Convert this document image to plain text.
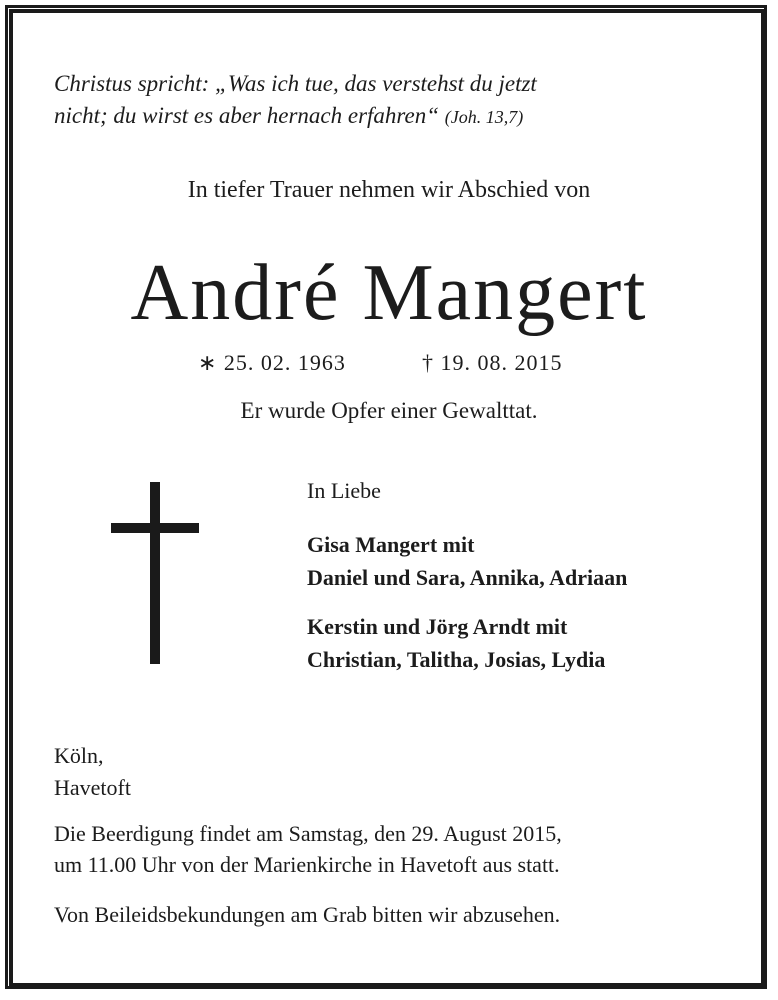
Christus spricht: „Was ich tue, das verstehst du jetzt
nicht; du wirst es aber hernach erfahren“ (Joh. 13,7)
In tiefer Trauer nehmen wir Abschied von
André Mangert
∗ 25. 02. 1963	† 19. 08. 2015
Er wurde Opfer einer Gewalttat.
In Liebe
Gisa Mangert mit
Daniel und Sara, Annika, Adriaan
Kerstin und Jörg Arndt mit
Christian, Talitha, Josias, Lydia
Köln,
Havetoft
Die Beerdigung findet am Samstag, den 29. August 2015,
um 11.00 Uhr von der Marienkirche in Havetoft aus statt.
Von Beileidsbekundungen am Grab bitten wir abzusehen.
